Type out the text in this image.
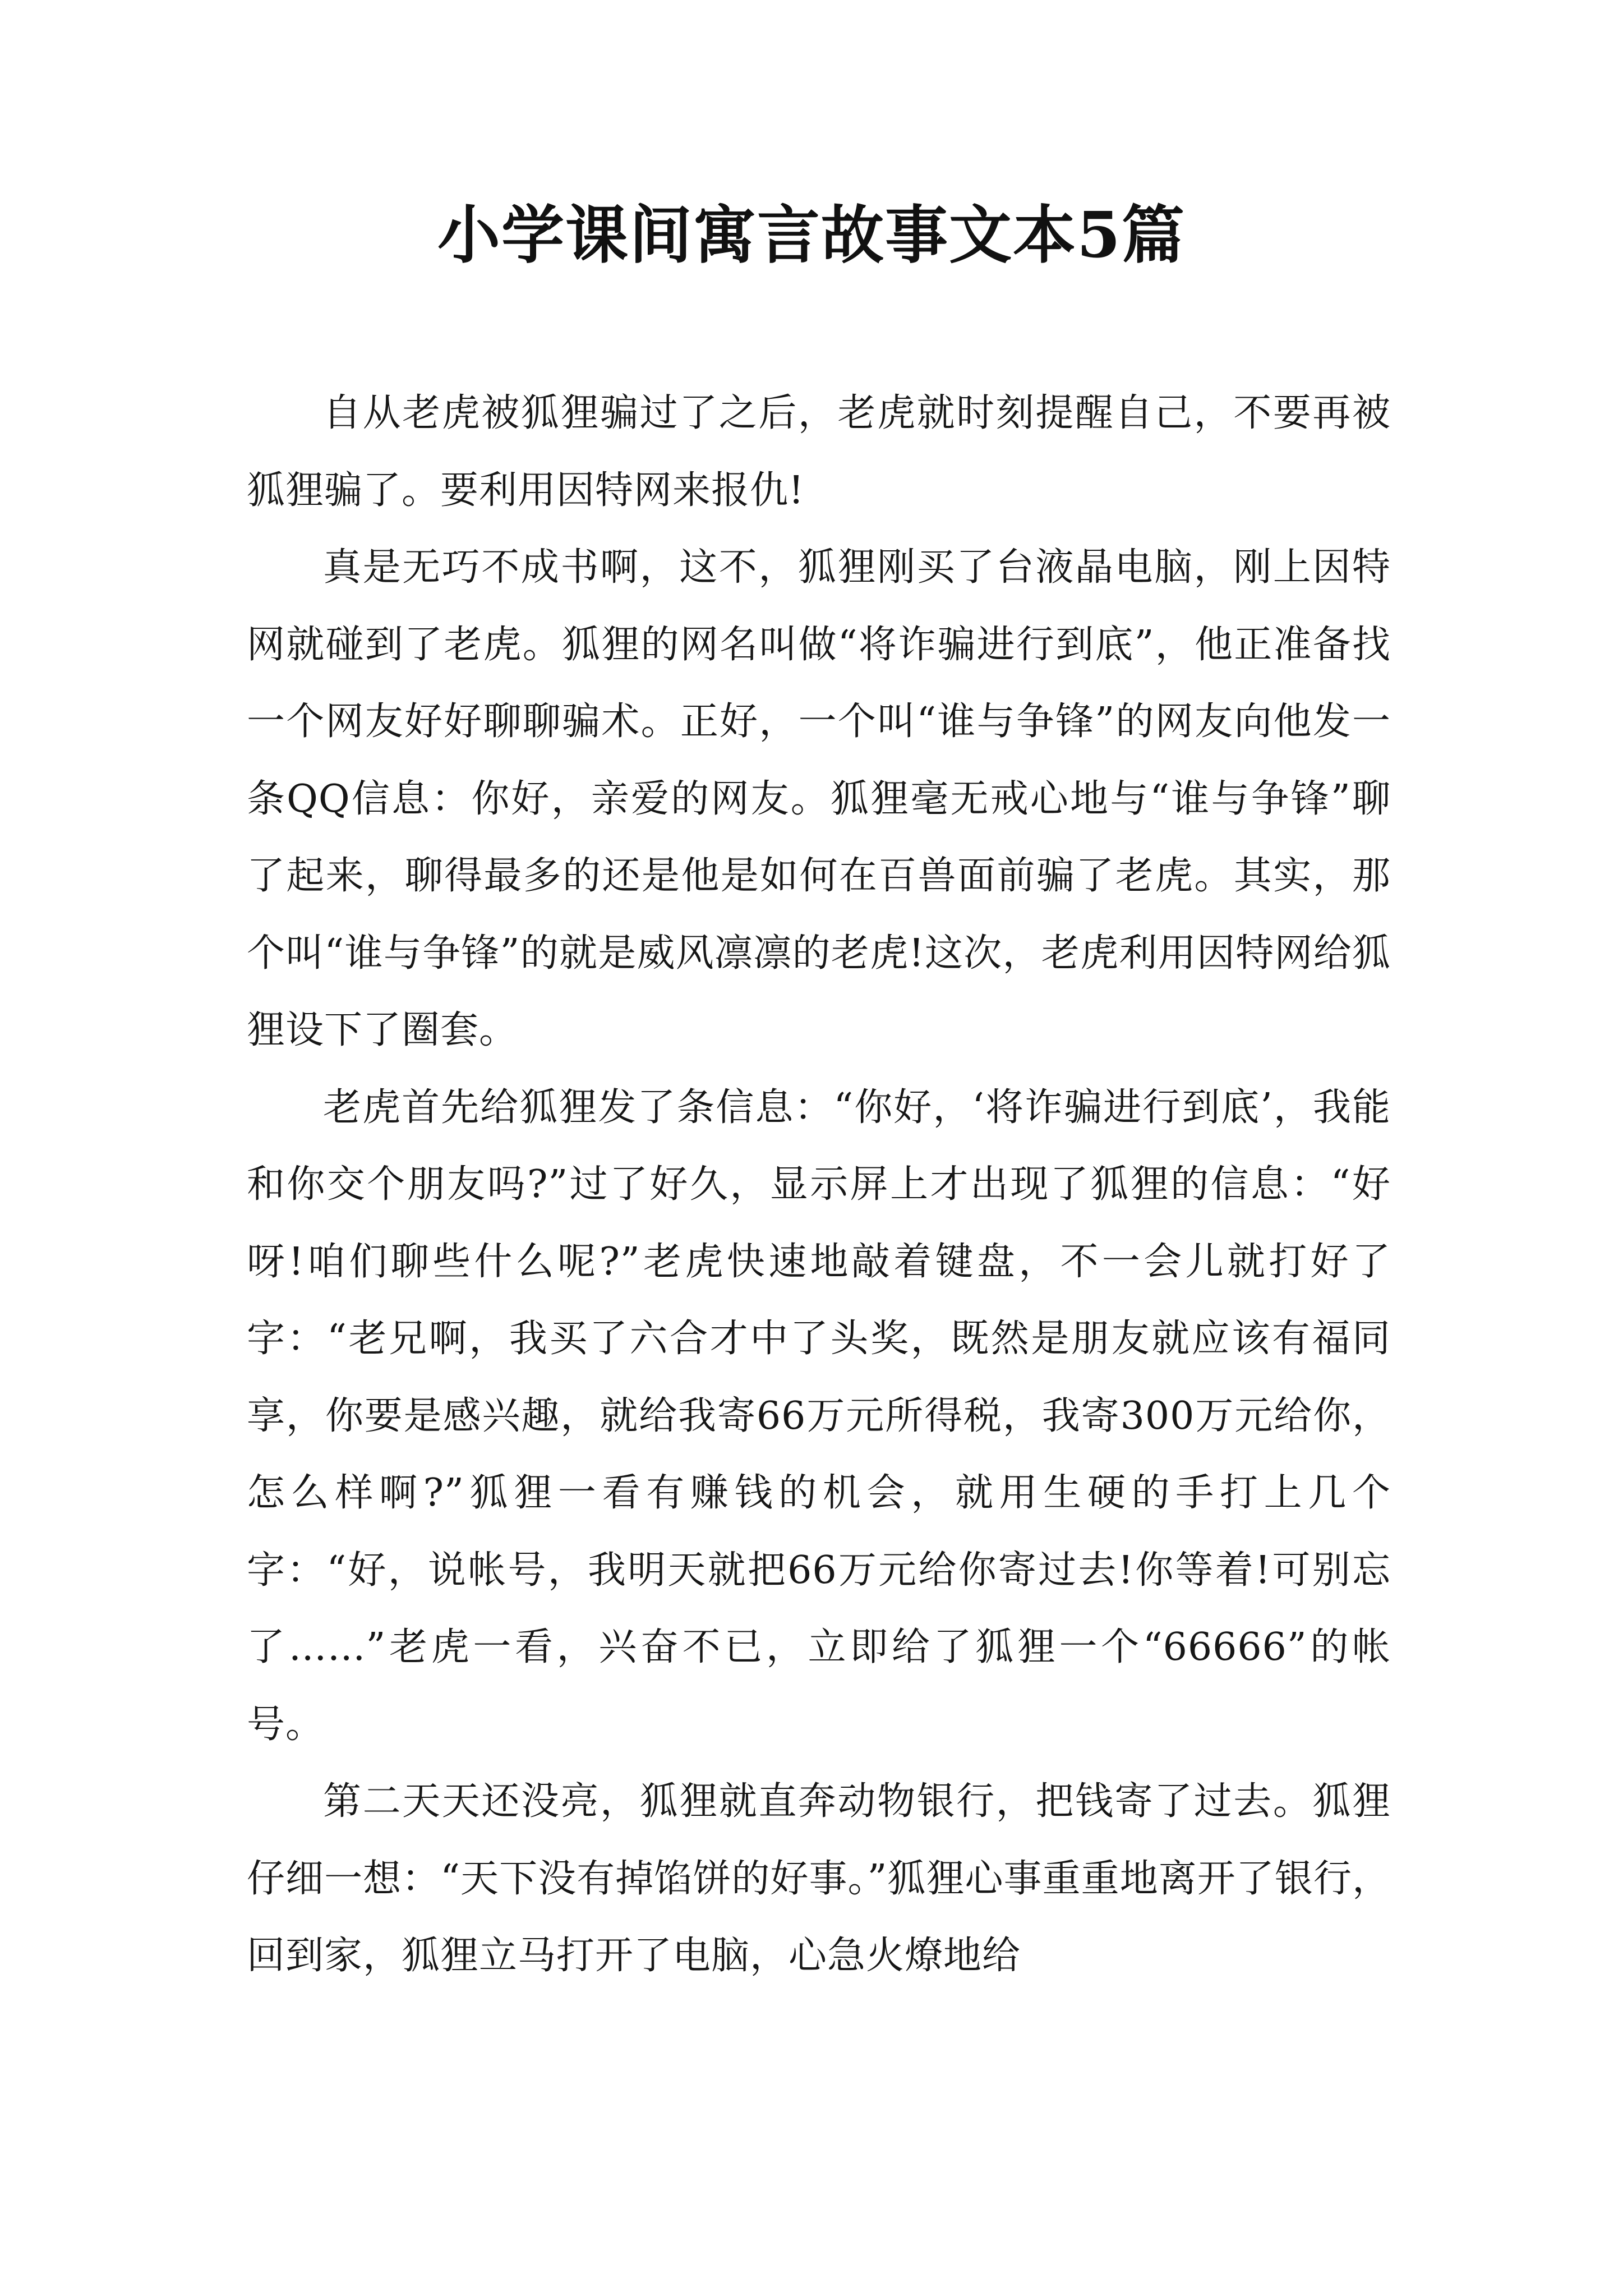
小学课间寓言故事文本5篇

自从老虎被狐狸骗过了之后，老虎就时刻提醒自己，不要再被狐狸骗了。要利用因特网来报仇!

真是无巧不成书啊，这不，狐狸刚买了台液晶电脑，刚上因特网就碰到了老虎。狐狸的网名叫做“将诈骗进行到底”，他正准备找一个网友好好聊聊骗术。正好，一个叫“谁与争锋”的网友向他发一条QQ信息：你好，亲爱的网友。狐狸毫无戒心地与“谁与争锋”聊了起来，聊得最多的还是他是如何在百兽面前骗了老虎。其实，那个叫“谁与争锋”的就是威风凛凛的老虎!这次，老虎利用因特网给狐狸设下了圈套。

老虎首先给狐狸发了条信息：“你好，‘将诈骗进行到底’，我能和你交个朋友吗?”过了好久，显示屏上才出现了狐狸的信息：“好呀!咱们聊些什么呢?”老虎快速地敲着键盘，不一会儿就打好了字：“老兄啊，我买了六合才中了头奖，既然是朋友就应该有福同享，你要是感兴趣，就给我寄66万元所得税，我寄300万元给你，怎么样啊?”狐狸一看有赚钱的机会，就用生硬的手打上几个字：“好，说帐号，我明天就把66万元给你寄过去!你等着!可别忘了……”老虎一看，兴奋不已，立即给了狐狸一个“66666”的帐号。

第二天天还没亮，狐狸就直奔动物银行，把钱寄了过去。狐狸仔细一想：“天下没有掉馅饼的好事。”狐狸心事重重地离开了银行，回到家，狐狸立马打开了电脑，心急火燎地给
